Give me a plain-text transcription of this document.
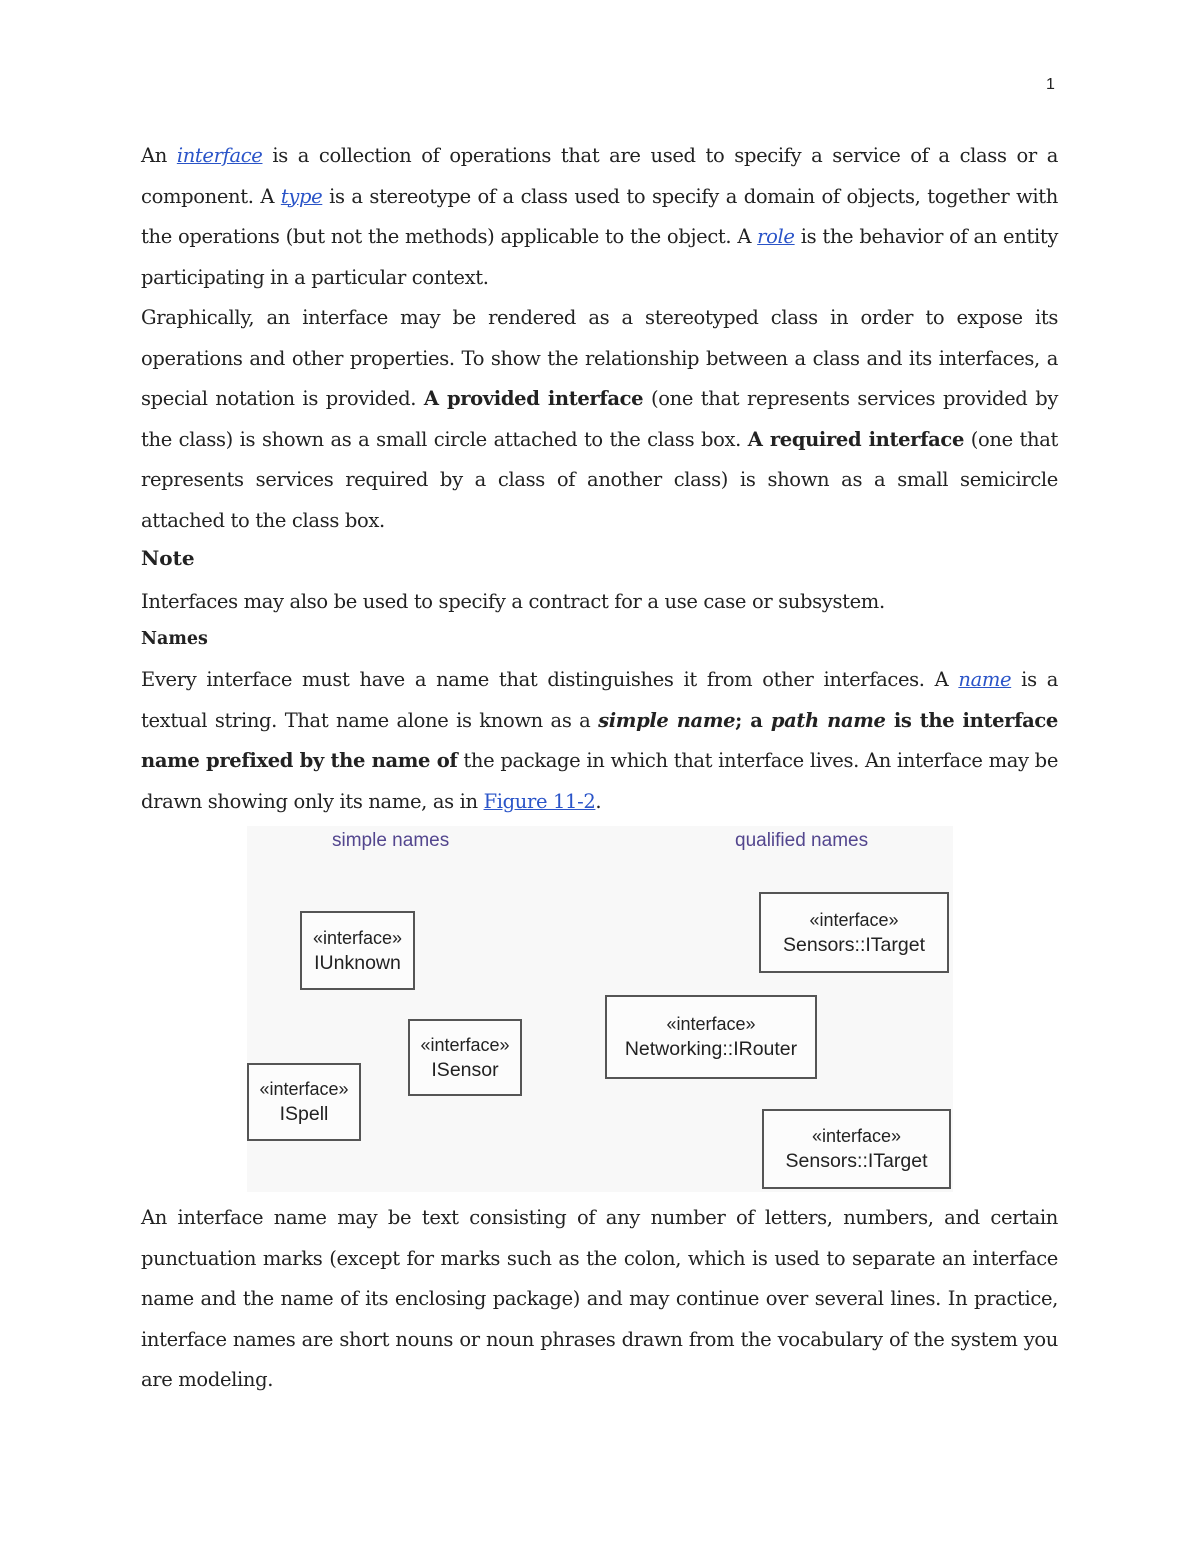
1

An interface is a collection of operations that are used to specify a service of a class or a component. A type is a stereotype of a class used to specify a domain of objects, together with the operations (but not the methods) applicable to the object. A role is the behavior of an entity participating in a particular context.

Graphically, an interface may be rendered as a stereotyped class in order to expose its operations and other properties. To show the relationship between a class and its interfaces, a special notation is provided. A provided interface (one that represents services provided by the class) is shown as a small circle attached to the class box. A required interface (one that represents services required by a class of another class) is shown as a small semicircle attached to the class box.

Note

Interfaces may also be used to specify a contract for a use case or subsystem.

Names

Every interface must have a name that distinguishes it from other interfaces. A name is a textual string. That name alone is known as a simple name; a path name is the interface name prefixed by the name of the package in which that interface lives. An interface may be drawn showing only its name, as in Figure 11-2.

simple names	qualified names
«interface»
IUnknown
«interface»
ISensor
«interface»
ISpell
«interface»
Sensors::ITarget
«interface»
Networking::IRouter
«interface»
Sensors::ITarget

An interface name may be text consisting of any number of letters, numbers, and certain punctuation marks (except for marks such as the colon, which is used to separate an interface name and the name of its enclosing package) and may continue over several lines. In practice, interface names are short nouns or noun phrases drawn from the vocabulary of the system you are modeling.
